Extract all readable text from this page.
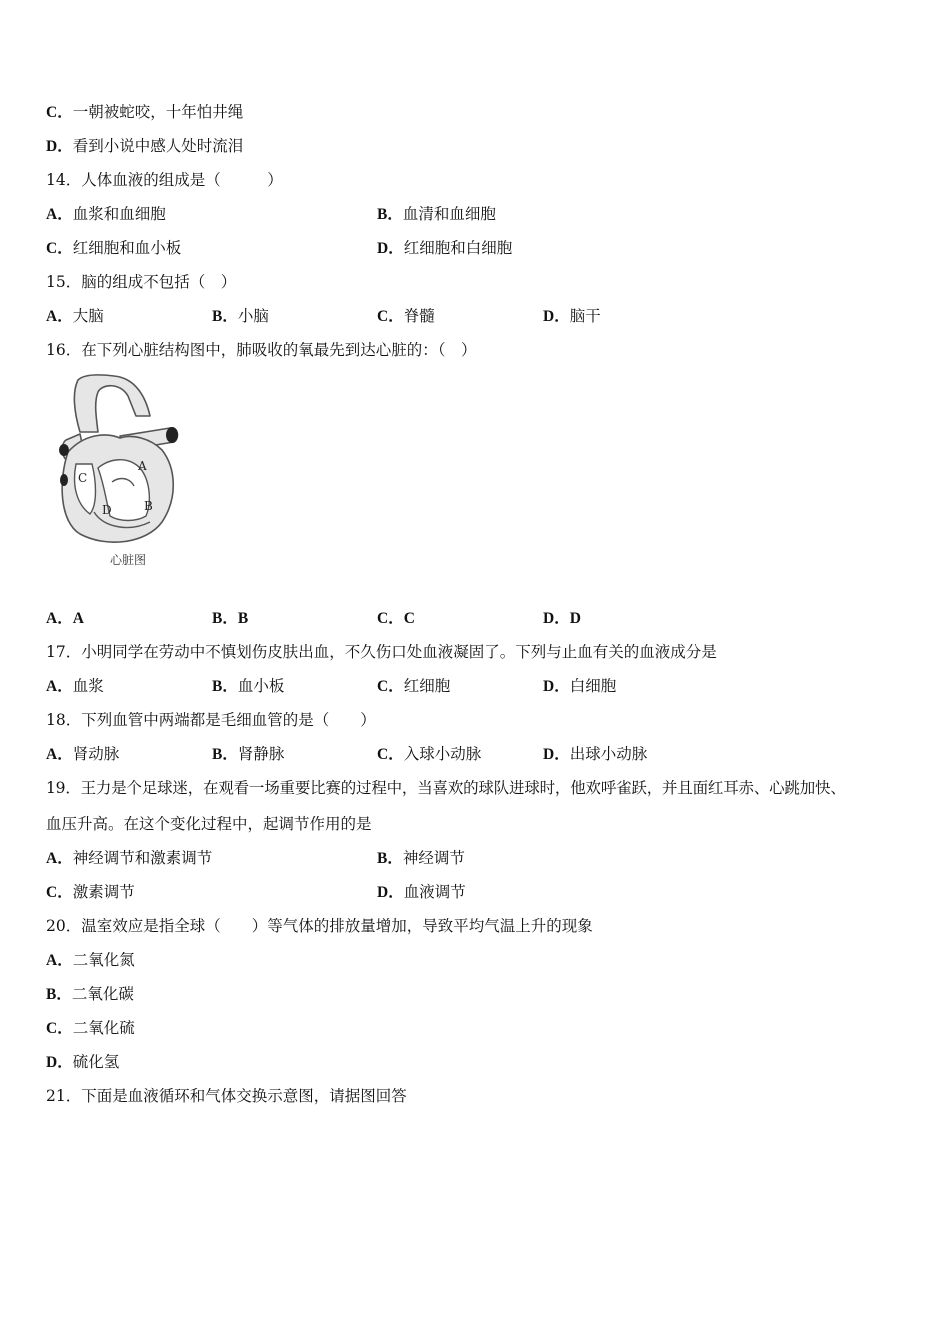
C．一朝被蛇咬，十年怕井绳
D．看到小说中感人处时流泪
14．人体血液的组成是（　　　）
A．血浆和血细胞	B．血清和血细胞
C．红细胞和血小板	D．红细胞和白细胞
15．脑的组成不包括（　）
A．大脑	B．小脑	C．脊髓	D．脑干
16．在下列心脏结构图中，肺吸收的氧最先到达心脏的：（　）
A
B
C
D
心脏图
A．A	B．B	C．C	D．D
17．小明同学在劳动中不慎划伤皮肤出血，不久伤口处血液凝固了。下列与止血有关的血液成分是
A．血浆	B．血小板	C．红细胞	D．白细胞
18．下列血管中两端都是毛细血管的是（　　）
A．肾动脉	B．肾静脉	C．入球小动脉	D．出球小动脉
19．王力是个足球迷，在观看一场重要比赛的过程中，当喜欢的球队进球时，他欢呼雀跃，并且面红耳赤、心跳加快、
血压升高。在这个变化过程中，起调节作用的是
A．神经调节和激素调节	B．神经调节
C．激素调节	D．血液调节
20．温室效应是指全球（　　）等气体的排放量增加，导致平均气温上升的现象
A．二氧化氮
B．二氧化碳
C．二氧化硫
D．硫化氢
21．下面是血液循环和气体交换示意图，请据图回答
